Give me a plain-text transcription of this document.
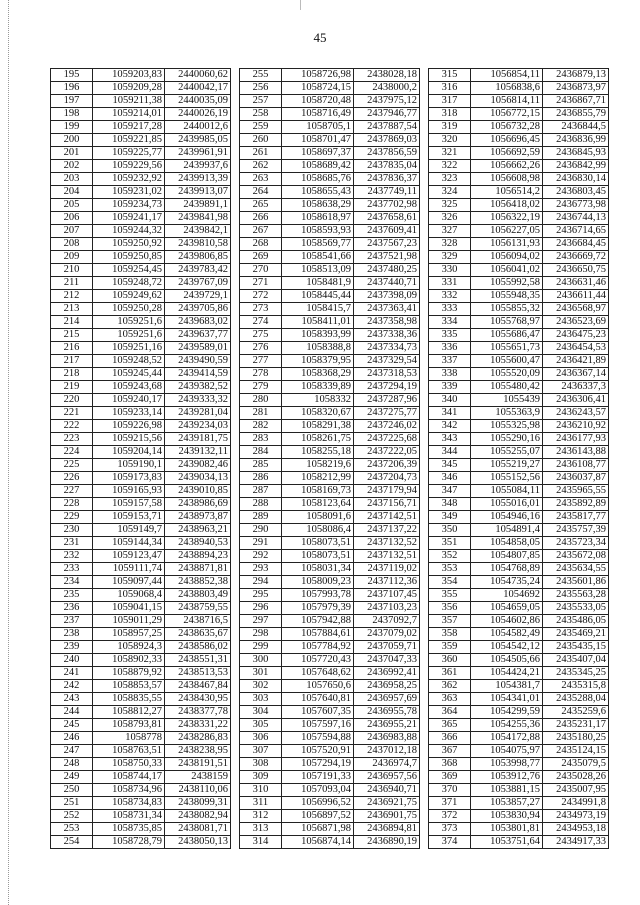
45
195	1059203,83	2440060,62
196	1059209,28	2440042,17
197	1059211,38	2440035,09
198	1059214,01	2440026,19
199	1059217,28	2440012,6
200	1059221,85	2439985,05
201	1059225,77	2439961,91
202	1059229,56	2439937,6
203	1059232,92	2439913,39
204	1059231,02	2439913,07
205	1059234,73	2439891,1
206	1059241,17	2439841,98
207	1059244,32	2439842,1
208	1059250,92	2439810,58
209	1059250,85	2439806,85
210	1059254,45	2439783,42
211	1059248,72	2439767,09
212	1059249,62	2439729,1
213	1059250,28	2439705,86
214	1059251,6	2439683,02
215	1059251,6	2439637,77
216	1059251,16	2439589,01
217	1059248,52	2439490,59
218	1059245,44	2439414,59
219	1059243,68	2439382,52
220	1059240,17	2439333,32
221	1059233,14	2439281,04
222	1059226,98	2439234,03
223	1059215,56	2439181,75
224	1059204,14	2439132,11
225	1059190,1	2439082,46
226	1059173,83	2439034,13
227	1059165,93	2439010,85
228	1059157,58	2438986,69
229	1059153,71	2438973,87
230	1059149,7	2438963,21
231	1059144,34	2438940,53
232	1059123,47	2438894,23
233	1059111,74	2438871,81
234	1059097,44	2438852,38
235	1059068,4	2438803,49
236	1059041,15	2438759,55
237	1059011,29	2438716,5
238	1058957,25	2438635,67
239	1058924,3	2438586,02
240	1058902,33	2438551,31
241	1058879,92	2438513,53
242	1058853,57	2438467,84
243	1058835,55	2438430,95
244	1058812,27	2438377,78
245	1058793,81	2438331,22
246	1058778	2438286,83
247	1058763,51	2438238,95
248	1058750,33	2438191,51
249	1058744,17	2438159
250	1058734,96	2438110,06
251	1058734,83	2438099,31
252	1058731,34	2438082,94
253	1058735,85	2438081,71
254	1058728,79	2438050,13
255	1058726,98	2438028,18
256	1058724,15	2438000,2
257	1058720,48	2437975,12
258	1058716,49	2437946,77
259	1058705,1	2437887,54
260	1058701,47	2437869,03
261	1058697,37	2437856,59
262	1058689,42	2437835,04
263	1058685,76	2437836,37
264	1058655,43	2437749,11
265	1058638,29	2437702,98
266	1058618,97	2437658,61
267	1058593,93	2437609,41
268	1058569,77	2437567,23
269	1058541,66	2437521,98
270	1058513,09	2437480,25
271	1058481,9	2437440,71
272	1058445,44	2437398,09
273	1058415,7	2437363,41
274	1058411,01	2437358,98
275	1058393,99	2437338,36
276	1058388,8	2437334,73
277	1058379,95	2437329,54
278	1058368,29	2437318,53
279	1058339,89	2437294,19
280	1058332	2437287,96
281	1058320,67	2437275,77
282	1058291,38	2437246,02
283	1058261,75	2437225,68
284	1058255,18	2437222,05
285	1058219,6	2437206,39
286	1058212,99	2437204,73
287	1058169,73	2437179,94
288	1058123,64	2437156,71
289	1058091,6	2437142,51
290	1058086,4	2437137,22
291	1058073,51	2437132,52
292	1058073,51	2437132,51
293	1058031,34	2437119,02
294	1058009,23	2437112,36
295	1057993,78	2437107,45
296	1057979,39	2437103,23
297	1057942,88	2437092,7
298	1057884,61	2437079,02
299	1057784,92	2437059,71
300	1057720,43	2437047,33
301	1057648,62	2436992,41
302	1057650,6	2436958,25
303	1057640,81	2436957,69
304	1057607,35	2436955,78
305	1057597,16	2436955,21
306	1057594,88	2436983,88
307	1057520,91	2437012,18
308	1057294,19	2436974,7
309	1057191,33	2436957,56
310	1057093,04	2436940,71
311	1056996,52	2436921,75
312	1056897,52	2436901,75
313	1056871,98	2436894,81
314	1056874,14	2436890,19
315	1056854,11	2436879,13
316	1056838,6	2436873,97
317	1056814,11	2436867,71
318	1056772,15	2436855,79
319	1056732,28	2436844,5
320	1056696,45	2436836,99
321	1056692,59	2436845,93
322	1056662,26	2436842,99
323	1056608,98	2436830,14
324	1056514,2	2436803,45
325	1056418,02	2436773,98
326	1056322,19	2436744,13
327	1056227,05	2436714,65
328	1056131,93	2436684,45
329	1056094,02	2436669,72
330	1056041,02	2436650,75
331	1055992,58	2436631,46
332	1055948,35	2436611,44
333	1055855,32	2436568,97
334	1055768,97	2436523,69
335	1055686,47	2436475,23
336	1055651,73	2436454,53
337	1055600,47	2436421,89
338	1055520,09	2436367,14
339	1055480,42	2436337,3
340	1055439	2436306,41
341	1055363,9	2436243,57
342	1055325,98	2436210,92
343	1055290,16	2436177,93
344	1055255,07	2436143,88
345	1055219,27	2436108,77
346	1055152,56	2436037,87
347	1055084,11	2435965,55
348	1055016,01	2435892,89
349	1054946,16	2435817,77
350	1054891,4	2435757,39
351	1054858,05	2435723,34
352	1054807,85	2435672,08
353	1054768,89	2435634,55
354	1054735,24	2435601,86
355	1054692	2435563,28
356	1054659,05	2435533,05
357	1054602,86	2435486,05
358	1054582,49	2435469,21
359	1054542,12	2435435,15
360	1054505,66	2435407,04
361	1054424,21	2435345,25
362	1054381,7	2435315,8
363	1054341,01	2435288,04
364	1054299,59	2435259,6
365	1054255,36	2435231,17
366	1054172,88	2435180,25
367	1054075,97	2435124,15
368	1053998,77	2435079,5
369	1053912,76	2435028,26
370	1053881,15	2435007,95
371	1053857,27	2434991,8
372	1053830,94	2434973,19
373	1053801,81	2434953,18
374	1053751,64	2434917,33
